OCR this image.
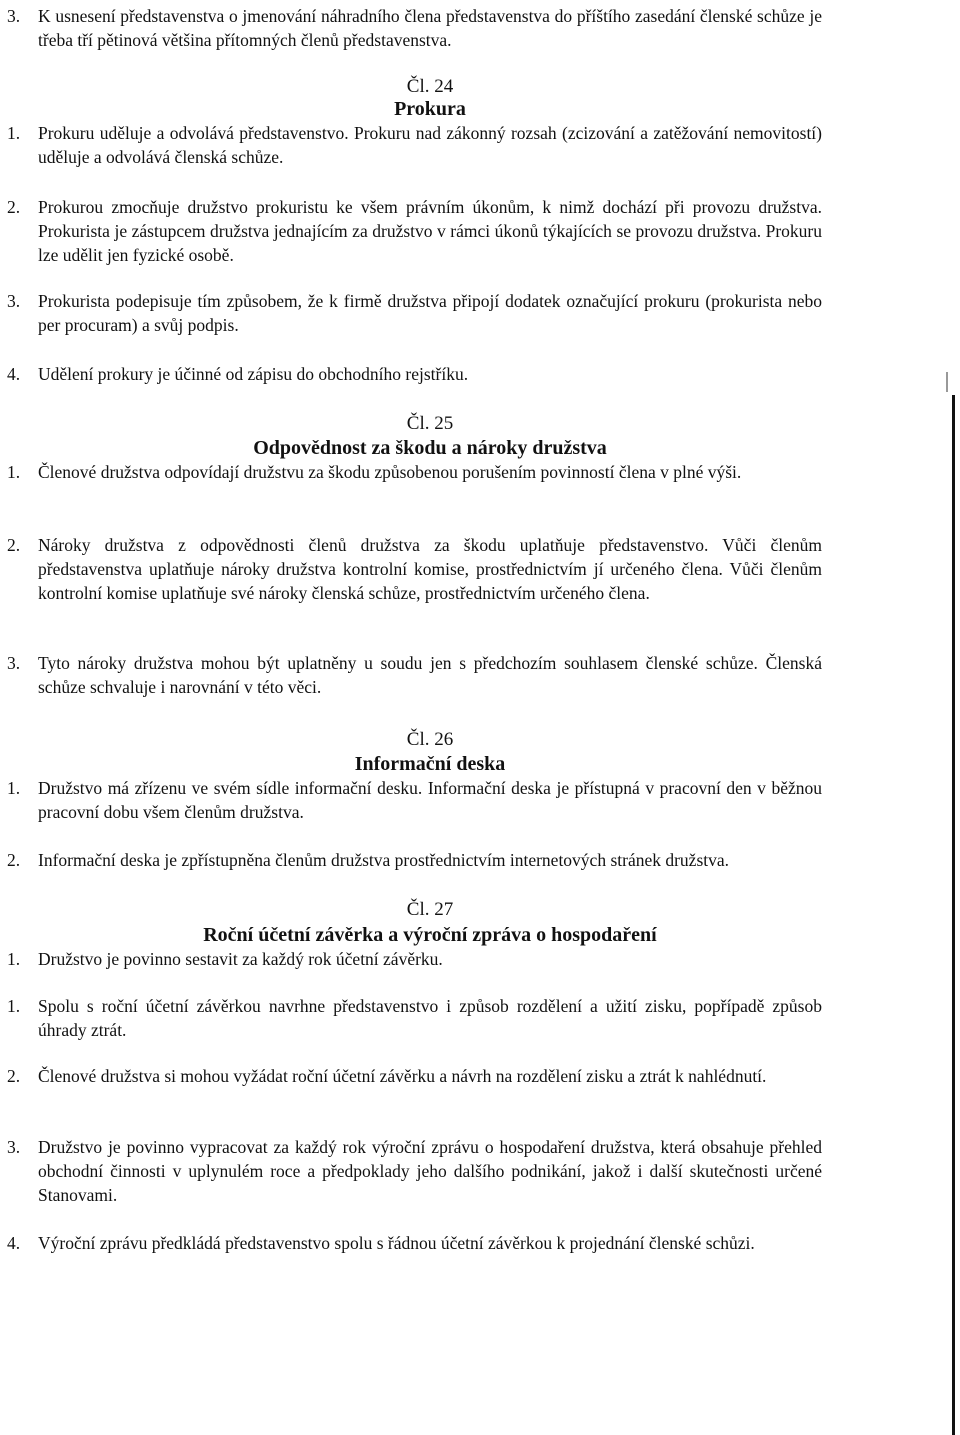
3.	K usnesení představenstva o jmenování náhradního člena představenstva do příštího zasedání členské schůze je třeba tří pětinová většina přítomných členů představenstva.
Čl. 24
Prokura
1.	Prokuru uděluje a odvolává představenstvo. Prokuru nad zákonný rozsah (zcizování a zatěžování nemovitostí) uděluje a odvolává členská schůze.
2.	Prokurou zmocňuje družstvo prokuristu ke všem právním úkonům, k nimž dochází při provozu družstva. Prokurista je zástupcem družstva jednajícím za družstvo v rámci úkonů týkajících se provozu družstva. Prokuru lze udělit jen fyzické osobě.
3.	Prokurista podepisuje tím způsobem, že k firmě družstva připojí dodatek označující prokuru (prokurista nebo per procuram) a svůj podpis.
4.	Udělení prokury je účinné od zápisu do obchodního rejstříku.
Čl. 25
Odpovědnost za škodu a nároky družstva
1.	Členové družstva odpovídají družstvu za škodu způsobenou porušením povinností člena v plné výši.
2.	Nároky družstva z odpovědnosti členů družstva za škodu uplatňuje představenstvo. Vůči členům představenstva uplatňuje nároky družstva kontrolní komise, prostřednictvím jí určeného člena. Vůči členům kontrolní komise uplatňuje své nároky členská schůze, prostřednictvím určeného člena.
3.	Tyto nároky družstva mohou být uplatněny u soudu jen s předchozím souhlasem členské schůze. Členská schůze schvaluje i narovnání v této věci.
Čl. 26
Informační deska
1.	Družstvo má zřízenu ve svém sídle informační desku. Informační deska je přístupná v pracovní den v běžnou pracovní dobu všem členům družstva.
2.	Informační deska je zpřístupněna členům družstva prostřednictvím internetových stránek družstva.
Čl. 27
Roční účetní závěrka a výroční zpráva o hospodaření
1.	Družstvo je povinno sestavit za každý rok účetní závěrku.
1.	Spolu s roční účetní závěrkou navrhne představenstvo i způsob rozdělení a užití zisku, popřípadě způsob úhrady ztrát.
2.	Členové družstva si mohou vyžádat roční účetní závěrku a návrh na rozdělení zisku a ztrát k nahlédnutí.
3.	Družstvo je povinno vypracovat za každý rok výroční zprávu o hospodaření družstva, která obsahuje přehled obchodní činnosti v uplynulém roce a předpoklady jeho dalšího podnikání, jakož i další skutečnosti určené Stanovami.
4.	Výroční zprávu předkládá představenstvo spolu s řádnou účetní závěrkou k projednání členské schůzi.
